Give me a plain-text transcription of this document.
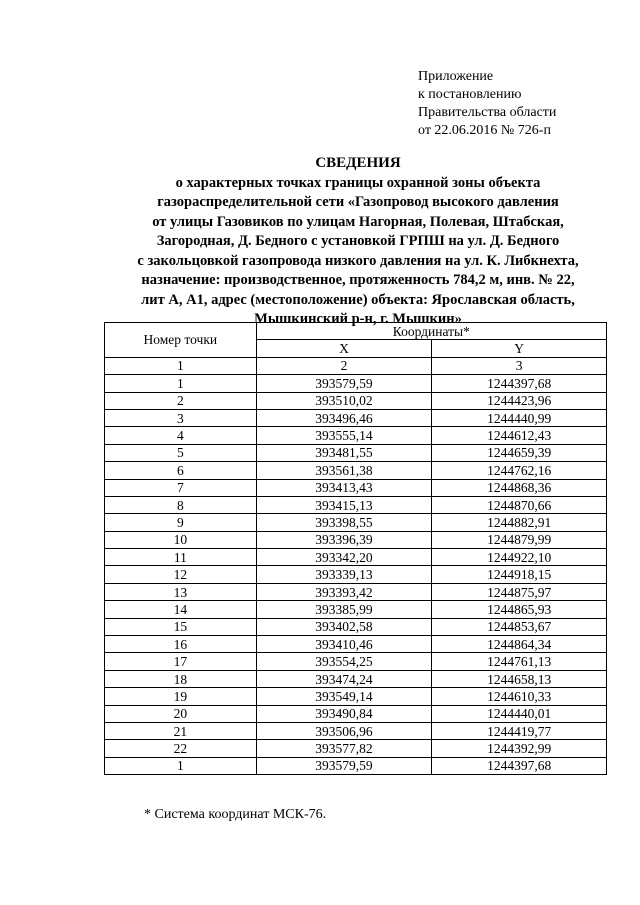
Приложение
к постановлению
Правительства области
от 22.06.2016 № 726-п
СВЕДЕНИЯ
о характерных точках границы охранной зоны объекта
газораспределительной сети «Газопровод высокого давления
от улицы Газовиков по улицам Нагорная, Полевая, Штабская,
Загородная, Д. Бедного с установкой ГРПШ на ул. Д. Бедного
с закольцовкой газопровода низкого давления на ул. К. Либкнехта,
назначение: производственное, протяженность 784,2 м, инв. № 22,
лит А, А1, адрес (местоположение) объекта: Ярославская область,
Мышкинский р-н, г. Мышкин»
Номер точки	Координаты*	
	X	Y
1	2	3
1	393579,59	1244397,68
2	393510,02	1244423,96
3	393496,46	1244440,99
4	393555,14	1244612,43
5	393481,55	1244659,39
6	393561,38	1244762,16
7	393413,43	1244868,36
8	393415,13	1244870,66
9	393398,55	1244882,91
10	393396,39	1244879,99
11	393342,20	1244922,10
12	393339,13	1244918,15
13	393393,42	1244875,97
14	393385,99	1244865,93
15	393402,58	1244853,67
16	393410,46	1244864,34
17	393554,25	1244761,13
18	393474,24	1244658,13
19	393549,14	1244610,33
20	393490,84	1244440,01
21	393506,96	1244419,77
22	393577,82	1244392,99
1	393579,59	1244397,68
* Система координат МСК-76.
